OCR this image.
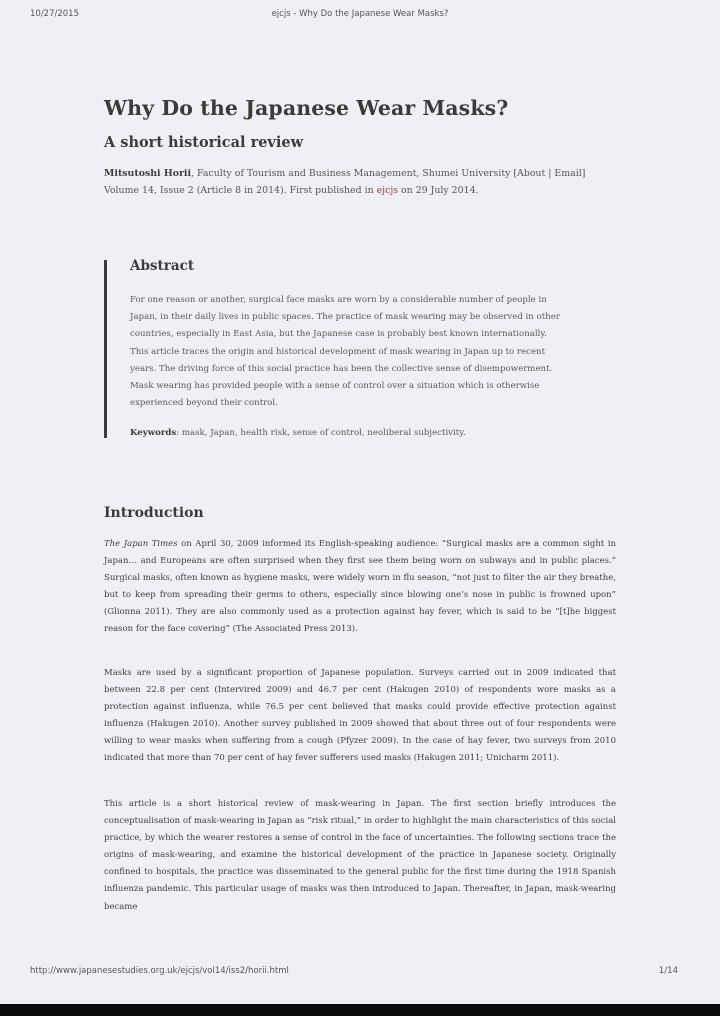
10/27/2015	ejcjs - Why Do the Japanese Wear Masks?
Why Do the Japanese Wear Masks?
A short historical review
Mitsutoshi Horii, Faculty of Tourism and Business Management, Shumei University [About | Email]
Volume 14, Issue 2 (Article 8 in 2014). First published in ejcjs on 29 July 2014.
Abstract

For one reason or another, surgical face masks are worn by a considerable number of people in Japan, in their daily lives in public spaces. The practice of mask wearing may be observed in other countries, especially in East Asia, but the Japanese case is probably best known internationally. This article traces the origin and historical development of mask wearing in Japan up to recent years. The driving force of this social practice has been the collective sense of disempowerment. Mask wearing has provided people with a sense of control over a situation which is otherwise experienced beyond their control.

Keywords: mask, Japan, health risk, sense of control, neoliberal subjectivity.

Introduction

The Japan Times on April 30, 2009 informed its English-speaking audience: “Surgical masks are a common sight in Japan… and Europeans are often surprised when they first see them being worn on subways and in public places.” Surgical masks, often known as hygiene masks, were widely worn in flu season, “not just to filter the air they breathe, but to keep from spreading their germs to others, especially since blowing one’s nose in public is frowned upon” (Glionna 2011). They are also commonly used as a protection against hay fever, which is said to be “[t]he biggest reason for the face covering” (The Associated Press 2013).

Masks are used by a significant proportion of Japanese population. Surveys carried out in 2009 indicated that between 22.8 per cent (Intervired 2009) and 46.7 per cent (Hakugen 2010) of respondents wore masks as a protection against influenza, while 76.5 per cent believed that masks could provide effective protection against influenza (Hakugen 2010). Another survey published in 2009 showed that about three out of four respondents were willing to wear masks when suffering from a cough (Pfyzer 2009). In the case of hay fever, two surveys from 2010 indicated that more than 70 per cent of hay fever sufferers used masks (Hakugen 2011; Unicharm 2011).

This article is a short historical review of mask-wearing in Japan. The first section briefly introduces the conceptualisation of mask-wearing in Japan as “risk ritual,” in order to highlight the main characteristics of this social practice, by which the wearer restores a sense of control in the face of uncertainties. The following sections trace the origins of mask-wearing, and examine the historical development of the practice in Japanese society. Originally confined to hospitals, the practice was disseminated to the general public for the first time during the 1918 Spanish influenza pandemic. This particular usage of masks was then introduced to Japan. Thereafter, in Japan, mask-wearing became

http://www.japanesestudies.org.uk/ejcjs/vol14/iss2/horii.html	1/14
